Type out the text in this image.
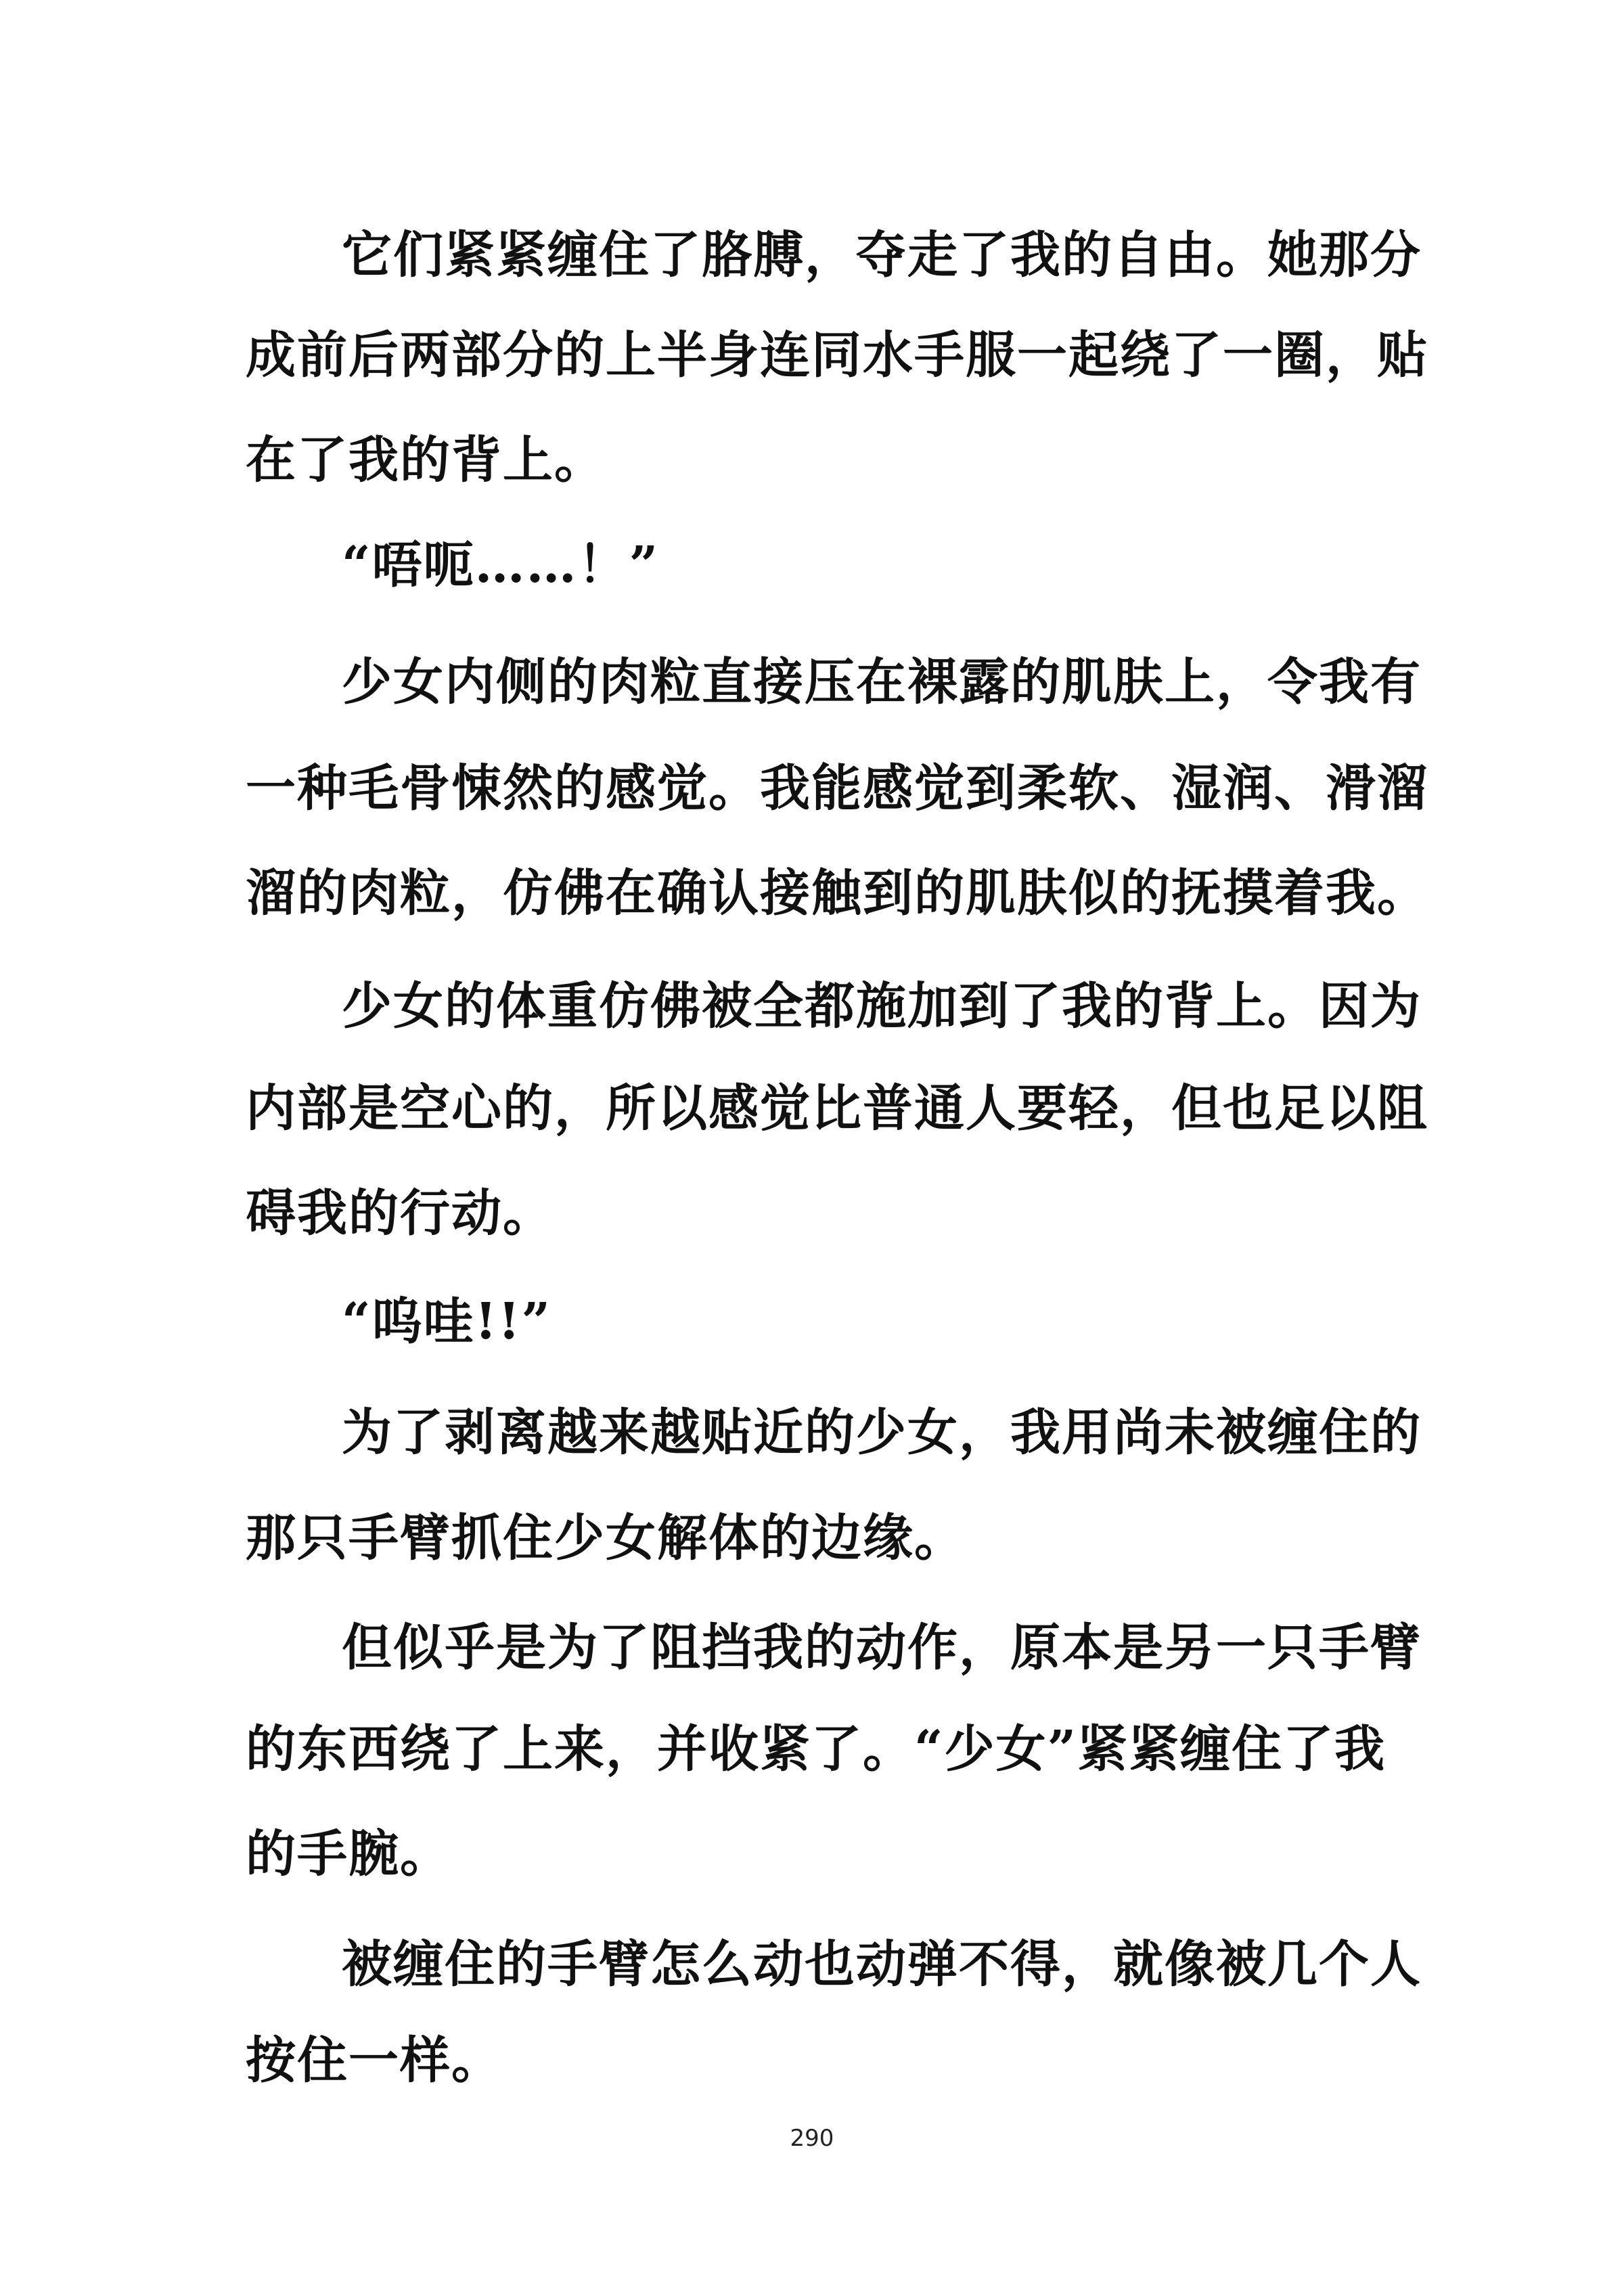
它们紧紧缠住了胳膊，夺走了我的自由。她那分
成前后两部分的上半身连同水手服一起绕了一圈，贴
在了我的背上。
“唔呃……！”
少女内侧的肉粒直接压在裸露的肌肤上，令我有
一种毛骨悚然的感觉。我能感觉到柔软、湿润、滑溜
溜的肉粒，仿佛在确认接触到的肌肤似的抚摸着我。
少女的体重仿佛被全都施加到了我的背上。因为
内部是空心的，所以感觉比普通人要轻，但也足以阻
碍我的行动。
“呜哇!!”
为了剥离越来越贴近的少女，我用尚未被缠住的
那只手臂抓住少女解体的边缘。
但似乎是为了阻挡我的动作，原本是另一只手臂
的东西绕了上来，并收紧了。“少女”紧紧缠住了我
的手腕。
被缠住的手臂怎么动也动弹不得，就像被几个人
按住一样。
290
